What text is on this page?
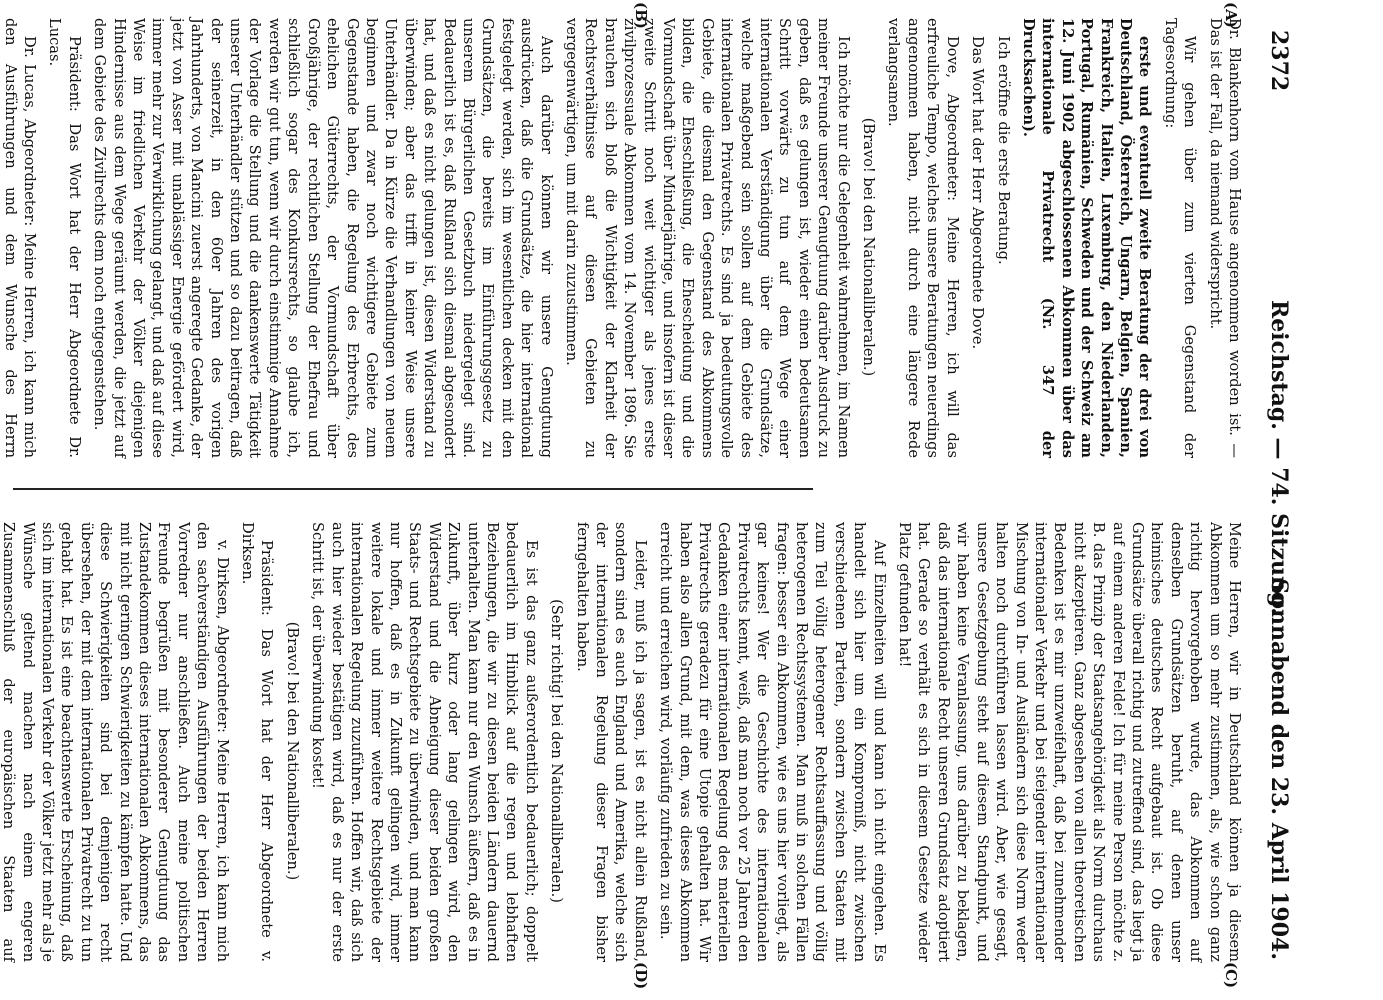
2372
Reichstag. — 74. Sitzung.
Sonnabend den 23. April 1904.
(A)
(B)
(C)
(D)

Dr. Blankenhorn vom Hause angenommen worden ist. — Das ist der Fall, da niemand widerspricht.

Wir gehen über zum vierten Gegenstand der Tagesordnung:

erste und eventuell zweite Beratung der drei von Deutschland, Österreich, Ungarn, Belgien, Spanien, Frankreich, Italien, Luxemburg, den Niederlanden, Portugal, Rumänien, Schweden und der Schweiz am 12. Juni 1902 abgeschlossenen Abkommen über das internationale Privatrecht (Nr. 347 der Drucksachen).

Ich eröffne die erste Beratung.

Das Wort hat der Herr Abgeordnete Dove.

Dove, Abgeordneter: Meine Herren, ich will das erfreuliche Tempo, welches unsere Beratungen neuerdings angenommen haben, nicht durch eine längere Rede verlangsamen.

(Bravo! bei den Nationalliberalen.)

Ich möchte nur die Gelegenheit wahrnehmen, im Namen meiner Freunde unserer Genugtuung darüber Ausdruck zu geben, daß es gelungen ist, wieder einen bedeutsamen Schritt vorwärts zu tun auf dem Wege einer internationalen Verständigung über die Grundsätze, welche maßgebend sein sollen auf dem Gebiete des internationalen Privatrechts. Es sind ja bedeutungsvolle Gebiete, die diesmal den Gegenstand des Abkommens bilden, die Eheschließung, die Ehescheidung und die Vormundschaft über Minderjährige, und insofern ist dieser zweite Schritt noch weit wichtiger als jenes erste zivilprozessuale Abkommen vom 14. November 1896. Sie brauchen sich bloß die Wichtigkeit der Klarheit der Rechtsverhältnisse auf diesen Gebieten zu vergegenwärtigen, um mit darin zuzustimmen.

Auch darüber können wir unsere Genugtuung ausdrücken, daß die Grundsätze, die hier international festgelegt werden, sich im wesentlichen decken mit den Grundsätzen, die bereits im Einführungsgesetz zu unserem Bürgerlichen Gesetzbuch niedergelegt sind. Bedauerlich ist es, daß Rußland sich diesmal abgesondert hat, und daß es nicht gelungen ist, diesen Widerstand zu überwinden; aber das trifft in keiner Weise unsere Unterhändler. Da in Kürze die Verhandlungen von neuem beginnen und zwar noch wichtigere Gebiete zum Gegenstande haben, die Regelung des Erbrechts, des ehelichen Güterrechts, der Vormundschaft über Großjährige, der rechtlichen Stellung der Ehefrau und schließlich sogar des Konkursrechts, so glaube ich, werden wir gut tun, wenn wir durch einstimmige Annahme der Vorlage die Stellung und die dankenswerte Tätigkeit unserer Unterhändler stützen und so dazu beitragen, daß der seinerzeit, in den 60er Jahren des vorigen Jahrhunderts, von Mancini zuerst angeregte Gedanke, der jetzt von Asser mit unablässiger Energie gefördert wird, immer mehr zur Verwirklichung gelangt, und daß auf diese Weise im friedlichen Verkehr der Völker diejenigen Hindernisse aus dem Wege geräumt werden, die jetzt auf dem Gebiete des Zivilrechts dem noch entgegenstehen.

Präsident: Das Wort hat der Herr Abgeordnete Dr. Lucas.

Dr. Lucas, Abgeordneter: Meine Herren, ich kann mich den Ausführungen und dem Wunsche des Herrn

Meine Herren, wir in Deutschland können ja diesem Abkommen um so mehr zustimmen, als, wie schon ganz richtig hervorgehoben wurde, das Abkommen auf denselben Grundsätzen beruht, auf denen unser heimisches deutsches Recht aufgebaut ist. Ob diese Grundsätze überall richtig und zutreffend sind, das liegt ja auf einem anderen Felde! Ich für meine Person möchte z. B. das Prinzip der Staatsangehörigkeit als Norm durchaus nicht akzeptieren. Ganz abgesehen von allen theoretischen Bedenken ist es mir unzweifelhaft, daß bei zunehmender internationaler Verkehr und bei steigender internationaler Mischung von In- und Ausländern sich diese Norm weder halten noch durchführen lassen wird. Aber, wie gesagt, unsere Gesetzgebung steht auf diesem Standpunkt, und wir haben keine Veranlassung, uns darüber zu beklagen, daß das internationale Recht unseren Grundsatz adoptiert hat. Gerade so verhält es sich in diesem Gesetze wieder Platz gefunden hat!

Auf Einzelheiten will und kann ich nicht eingehen. Es handelt sich hier um ein Kompromiß, nicht zwischen verschiedenen Parteien, sondern zwischen Staaten mit zum Teil völlig heterogener Rechtsauffassung und völlig heterogenen Rechtssystemen. Man muß in solchen Fällen fragen: besser ein Abkommen, wie es uns hier vorliegt, als gar keines! Wer die Geschichte des internationalen Privatrechts kennt, weiß, daß man noch vor 25 Jahren den Gedanken einer internationalen Regelung des materiellen Privatrechts geradezu für eine Utopie gehalten hat. Wir haben also allen Grund, mit dem, was dieses Abkommen erreicht und erreichen wird, vorläufig zufrieden zu sein.

Leider, muß ich ja sagen, ist es nicht allein Rußland, sondern sind es auch England und Amerika, welche sich der internationalen Regelung dieser Fragen bisher ferngehalten haben.

(Sehr richtig! bei den Nationalliberalen.)

Es ist das ganz außerordentlich bedauerlich; doppelt bedauerlich im Hinblick auf die regen und lebhaften Beziehungen, die wir zu diesen beiden Ländern dauernd unterhalten. Man kann nur den Wunsch äußern, daß es in Zukunft, über kurz oder lang gelingen wird, den Widerstand und die Abneigung dieser beiden großen Staats- und Rechtsgebiete zu überwinden, und man kann nur hoffen, daß es in Zukunft gelingen wird, immer weitere lokale und immer weitere Rechtsgebiete der internationalen Regelung zuzuführen. Hoffen wir, daß sich auch hier wieder bestätigen wird, daß es nur der erste Schritt ist, der überwindung kostet!

(Bravo! bei den Nationalliberalen.)

Präsident: Das Wort hat der Herr Abgeordnete v. Dirksen.

v. Dirksen, Abgeordneter: Meine Herren, ich kann mich den sachverständigen Ausführungen der beiden Herren Vorredner nur anschließen. Auch meine politischen Freunde begrüßen mit besonderer Genugtuung das Zustandekommen dieses internationalen Abkommens, das mit nicht geringen Schwierigkeiten zu kämpfen hatte. Und diese Schwierigkeiten sind bei demjenigen recht übersehen, der mit dem internationalen Privatrecht zu tun gehabt hat. Es ist eine beachtenswerte Erscheinung, daß sich im internationalen Verkehr der Völker jetzt mehr als je Wünsche geltend machen nach einem engeren Zusammenschluß der europäischen Staaten auf
